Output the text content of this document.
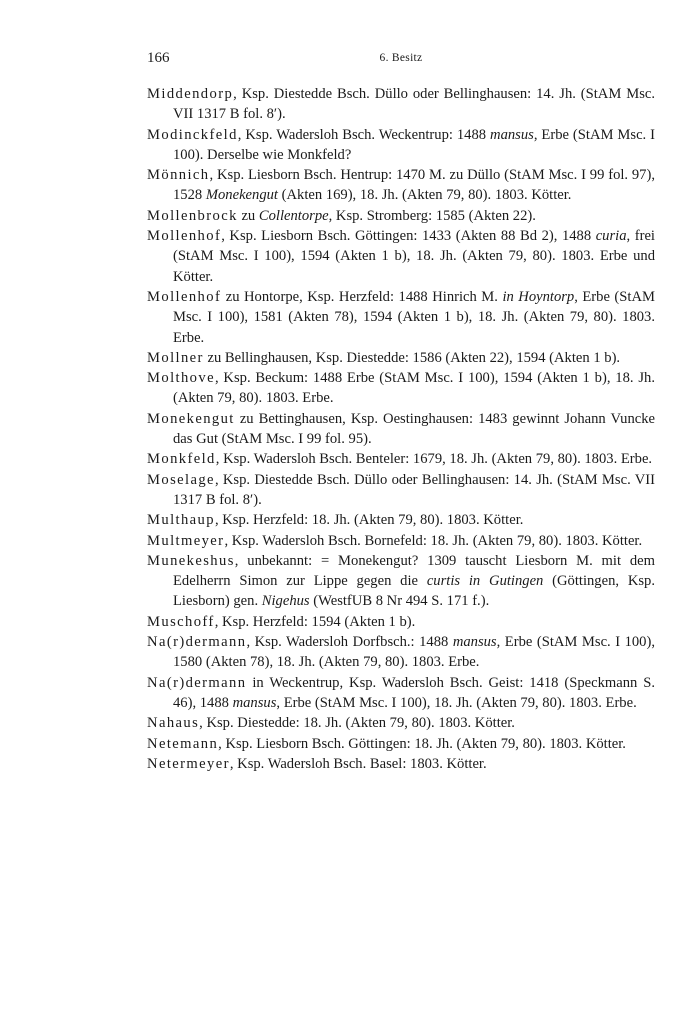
166	6. Besitz

Middendorp, Ksp. Diestedde Bsch. Düllo oder Bellinghausen: 14. Jh. (StAM Msc. VII 1317 B fol. 8′).

Modinckfeld, Ksp. Wadersloh Bsch. Weckentrup: 1488 mansus, Erbe (StAM Msc. I 100). Derselbe wie Monkfeld?

Mönnich, Ksp. Liesborn Bsch. Hentrup: 1470 M. zu Düllo (StAM Msc. I 99 fol. 97), 1528 Monekengut (Akten 169), 18. Jh. (Akten 79, 80). 1803. Kötter.

Mollenbrock zu Collentorpe, Ksp. Stromberg: 1585 (Akten 22).

Mollenhof, Ksp. Liesborn Bsch. Göttingen: 1433 (Akten 88 Bd 2), 1488 curia, frei (StAM Msc. I 100), 1594 (Akten 1 b), 18. Jh. (Akten 79, 80). 1803. Erbe und Kötter.

Mollenhof zu Hontorpe, Ksp. Herzfeld: 1488 Hinrich M. in Hoyntorp, Erbe (StAM Msc. I 100), 1581 (Akten 78), 1594 (Akten 1 b), 18. Jh. (Akten 79, 80). 1803. Erbe.

Mollner zu Bellinghausen, Ksp. Diestedde: 1586 (Akten 22), 1594 (Akten 1 b).

Molthove, Ksp. Beckum: 1488 Erbe (StAM Msc. I 100), 1594 (Akten 1 b), 18. Jh. (Akten 79, 80). 1803. Erbe.

Monekengut zu Bettinghausen, Ksp. Oestinghausen: 1483 gewinnt Johann Vuncke das Gut (StAM Msc. I 99 fol. 95).

Monkfeld, Ksp. Wadersloh Bsch. Benteler: 1679, 18. Jh. (Akten 79, 80). 1803. Erbe.

Moselage, Ksp. Diestedde Bsch. Düllo oder Bellinghausen: 14. Jh. (StAM Msc. VII 1317 B fol. 8′).

Multhaup, Ksp. Herzfeld: 18. Jh. (Akten 79, 80). 1803. Kötter.

Multmeyer, Ksp. Wadersloh Bsch. Bornefeld: 18. Jh. (Akten 79, 80). 1803. Kötter.

Munekeshus, unbekannt: = Monekengut? 1309 tauscht Liesborn M. mit dem Edelherrn Simon zur Lippe gegen die curtis in Gutingen (Göttingen, Ksp. Liesborn) gen. Nigehus (WestfUB 8 Nr 494 S. 171 f.).

Muschoff, Ksp. Herzfeld: 1594 (Akten 1 b).

Na(r)dermann, Ksp. Wadersloh Dorfbsch.: 1488 mansus, Erbe (StAM Msc. I 100), 1580 (Akten 78), 18. Jh. (Akten 79, 80). 1803. Erbe.

Na(r)dermann in Weckentrup, Ksp. Wadersloh Bsch. Geist: 1418 (Speckmann S. 46), 1488 mansus, Erbe (StAM Msc. I 100), 18. Jh. (Akten 79, 80). 1803. Erbe.

Nahaus, Ksp. Diestedde: 18. Jh. (Akten 79, 80). 1803. Kötter.

Netemann, Ksp. Liesborn Bsch. Göttingen: 18. Jh. (Akten 79, 80). 1803. Kötter.

Netermeyer, Ksp. Wadersloh Bsch. Basel: 1803. Kötter.
